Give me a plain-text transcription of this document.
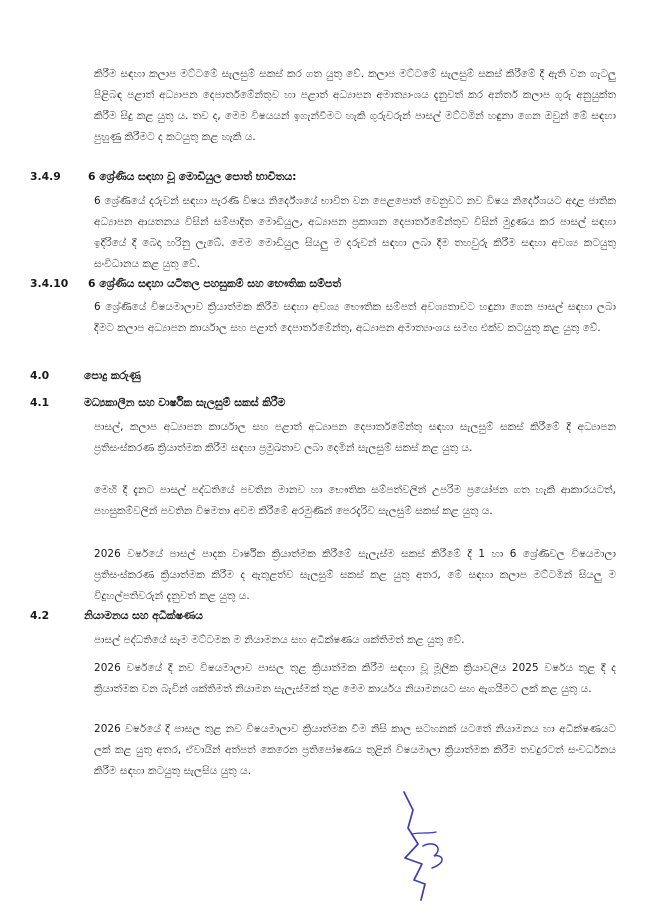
කිරීම සඳහා කලාප මට්ටමේ සැලසුම් සකස් කර ගත යුතු වේ. කලාප මට්ටමේ සැලසුම් සකස් කිරීමේ දී ඇති වන ගැටලු පිළිබඳ පළාත් අධ්‍යාපන දෙපාර්තමේන්තුව හා පළාත් අධ්‍යාපන අමාත්‍යාංශය දැනුවත් කර අන්තර් කලාප ගුරු අනුයුක්ත කිරීම සිදු කළ යුතු ය. තව ද, මෙම විෂයයන් ඉගැන්වීමට හැකි ගුරුවරුන් පාසල් මට්ටමින් හඳුනා ගෙන ඔවුන් මේ සඳහා පුහුණු කිරීමට ද කටයුතු කළ හැකි ය.

3.4.9	6 ශ්‍රේණිය සඳහා වූ මොඩියුල පොත් භාවිතය:

6 ශ්‍රේණියේ දරුවන් සඳහා පැරණි විෂය නිර්දේශයේ භාවිත වන පෙළපොත් වෙනුවට නව විෂය නිර්දේශයට අදාළ ජාතික අධ්‍යාපන ආයතනය විසින් සම්පාදිත මොඩියුල, අධ්‍යාපන ප්‍රකාශන දෙපාර්තමේන්තුව විසින් මුද්‍රණය කර පාසල් සඳහා ඉදිරියේ දී බෙදා හරිනු ලැබේ. මෙම මොඩියුල සියලු ම දරුවන් සඳහා ලබා දීම තහවුරු කිරීම සඳහා අවශ්‍ය කටයුතු සංවිධානය කළ යුතු වේ.

3.4.10 6 ශ්‍රේණිය සඳහා යටිතල පහසුකම් සහ භෞතික සම්පත්

6 ශ්‍රේණියේ විෂයමාලාව ක්‍රියාත්මක කිරීම සඳහා අවශ්‍ය භෞතික සම්පත් අවශ්‍යතාවට හඳුනා ගෙන පාසල් සඳහා ලබා දීමට කලාප අධ්‍යාපන කාර්යාල සහ පළාත් දෙපාර්තමේන්තු, අධ්‍යාපන අමාත්‍යාංශය සමඟ එක්ව කටයුතු කළ යුතු වේ.

4.0	පොදු කරුණු
4.1	මධ්‍යකාලීන සහ වාර්ෂික සැලසුම් සකස් කිරීම

පාසල්, කලාප අධ්‍යාපන කාර්යාල සහ පළාත් අධ්‍යාපන දෙපාර්තමේන්තු සඳහා සැලසුම් සකස් කිරීමේ දී අධ්‍යාපන ප්‍රතිසංස්කරණ ක්‍රියාත්මක කිරීම සඳහා ප්‍රමුඛතාව ලබා දෙමින් සැලසුම් සකස් කළ යුතු ය.

මෙහි දී දැනට පාසල් පද්ධතියේ පවතින මානව හා භෞතික සම්පත්වලින් උපරිම ප්‍රයෝජන ගත හැකි ආකාරයටත්, පහසුකම්වලින් පවතින විෂමතා අවම කිරීමේ අරමුණින් පෙරදැරිව සැලසුම් සකස් කළ යුතු ය.

2026 වර්ෂයේ පාසල් පාදක වාර්ෂික ක්‍රියාත්මක කිරීමේ සැලැස්ම සකස් කිරීමේ දී 1 හා 6 ශ්‍රේණිවල විෂයමාලා ප්‍රතිසංස්කරණ ක්‍රියාත්මක කිරීම ද ඇතුළත්ව සැලසුම් සකස් කළ යුතු අතර, මේ සඳහා කලාප මට්ටමින් සියලු ම විදුහල්පතිවරුන් දැනුවත් කළ යුතු ය.

4.2	නියාමනය සහ අධීක්ෂණය

පාසල් පද්ධතියේ සෑම මට්ටමක ම නියාමනය සහ අධීක්ෂණය ශක්තිමත් කළ යුතු වේ.

2026 වර්ෂයේ දී නව විෂයමාලාව පාසල තුළ ක්‍රියාත්මක කිරීම සඳහා වූ මූලික ක්‍රියාවලිය 2025 වර්ෂය තුළ දී ද ක්‍රියාත්මක වන බැවින් ශක්තිමත් නියාමන සැලැස්මක් තුළ මෙම කාර්යය නියාමනයට සහ ඇගයීමට ලක් කළ යුතු ය.

2026 වර්ෂයේ දී පාසල තුළ නව විෂයමාලාව ක්‍රියාත්මක වීම නිසි කාල සටහනක් යටතේ නියාමනය හා අධීක්ෂණයට ලක් කළ යුතු අතර, ඒවායින් අත්පත් කෙරෙන ප්‍රතිපෝෂණය තුළින් විෂයමාලා ක්‍රියාත්මක කිරීම තවදුරටත් සංවර්ධනය කිරීම සඳහා කටයුතු සැලසිය යුතු ය.
